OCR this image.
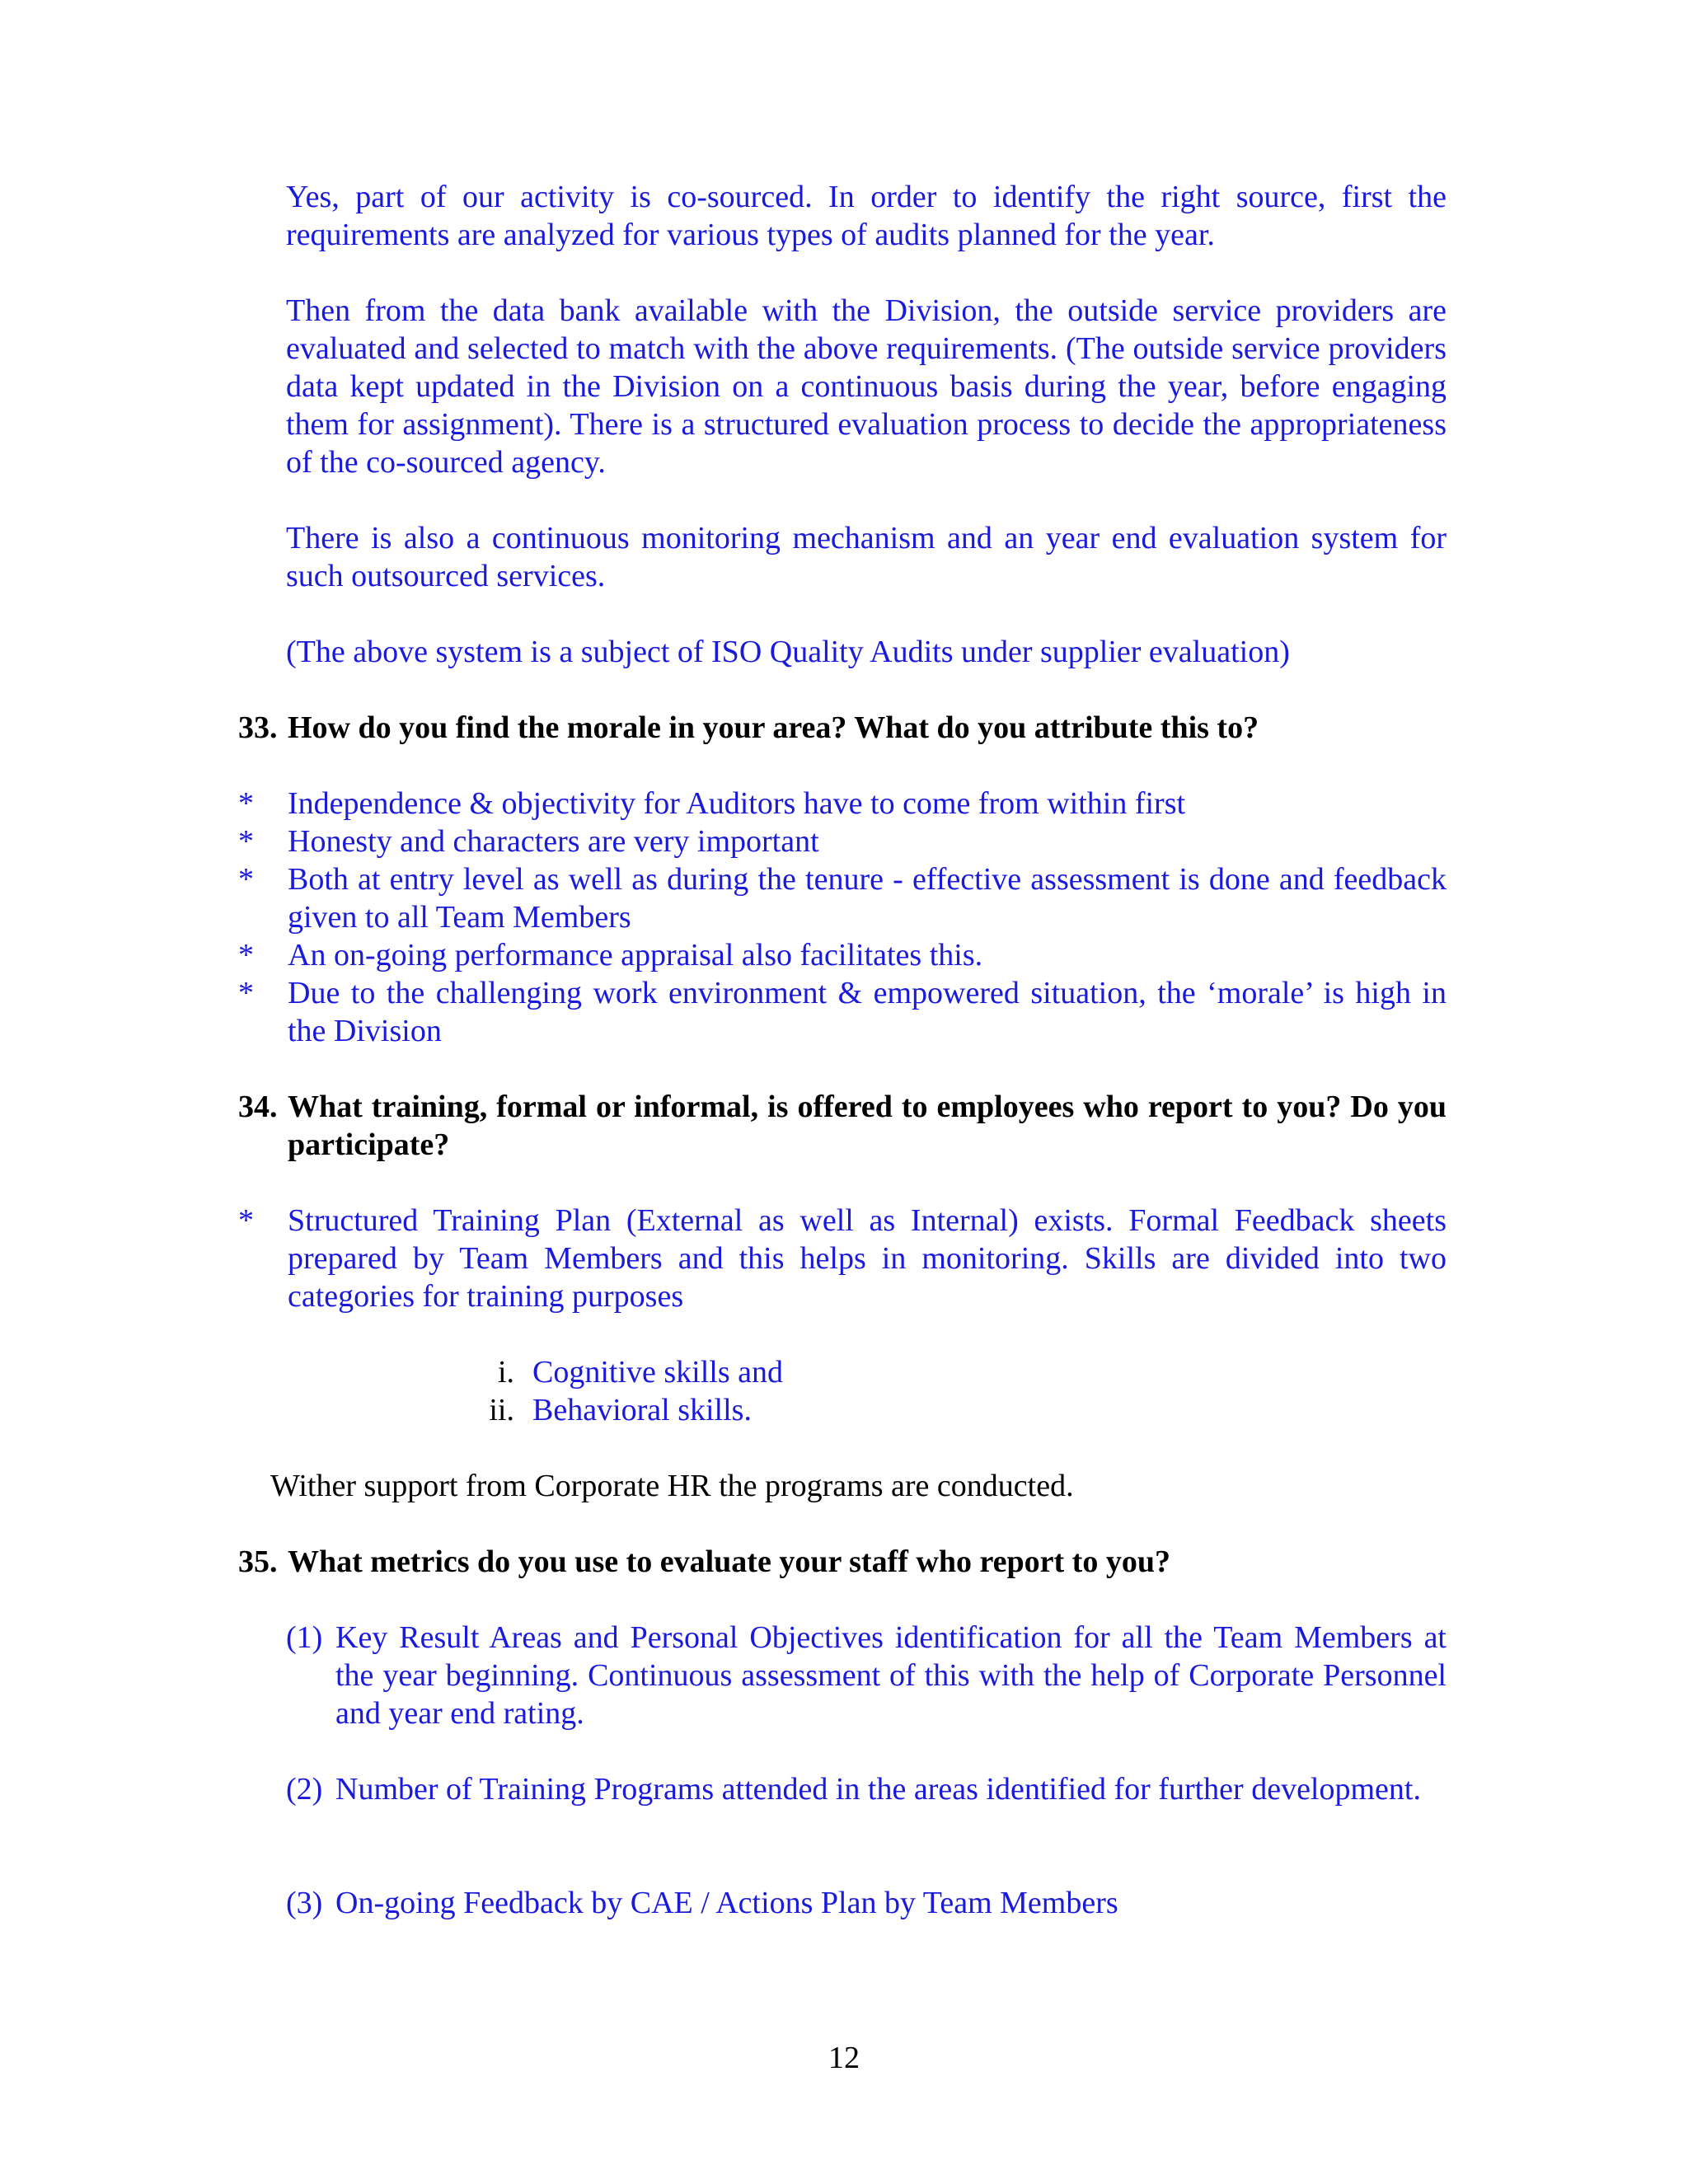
Yes, part of our activity is co-sourced. In order to identify the right source, first the requirements are analyzed for various types of audits planned for the year.

Then from the data bank available with the Division, the outside service providers are evaluated and selected to match with the above requirements. (The outside service providers data kept updated in the Division on a continuous basis during the year, before engaging them for assignment). There is a structured evaluation process to decide the appropriateness of the co-sourced agency.

There is also a continuous monitoring mechanism and an year end evaluation system for such outsourced services.

(The above system is a subject of ISO Quality Audits under supplier evaluation)

33. How do you find the morale in your area? What do you attribute this to?
* Independence & objectivity for Auditors have to come from within first
* Honesty and characters are very important
* Both at entry level as well as during the tenure - effective assessment is done and feedback given to all Team Members
* An on-going performance appraisal also facilitates this.
* Due to the challenging work environment & empowered situation, the ‘morale’ is high in the Division
34. What training, formal or informal, is offered to employees who report to you? Do you participate?
* Structured Training Plan (External as well as Internal) exists. Formal Feedback sheets prepared by Team Members and this helps in monitoring. Skills are divided into two categories for training purposes
i. Cognitive skills and
ii. Behavioral skills.

Wither support from Corporate HR the programs are conducted.

35. What metrics do you use to evaluate your staff who report to you?
(1) Key Result Areas and Personal Objectives identification for all the Team Members at the year beginning. Continuous assessment of this with the help of Corporate Personnel and year end rating.
(2) Number of Training Programs attended in the areas identified for further development.
(3) On-going Feedback by CAE / Actions Plan by Team Members
12
